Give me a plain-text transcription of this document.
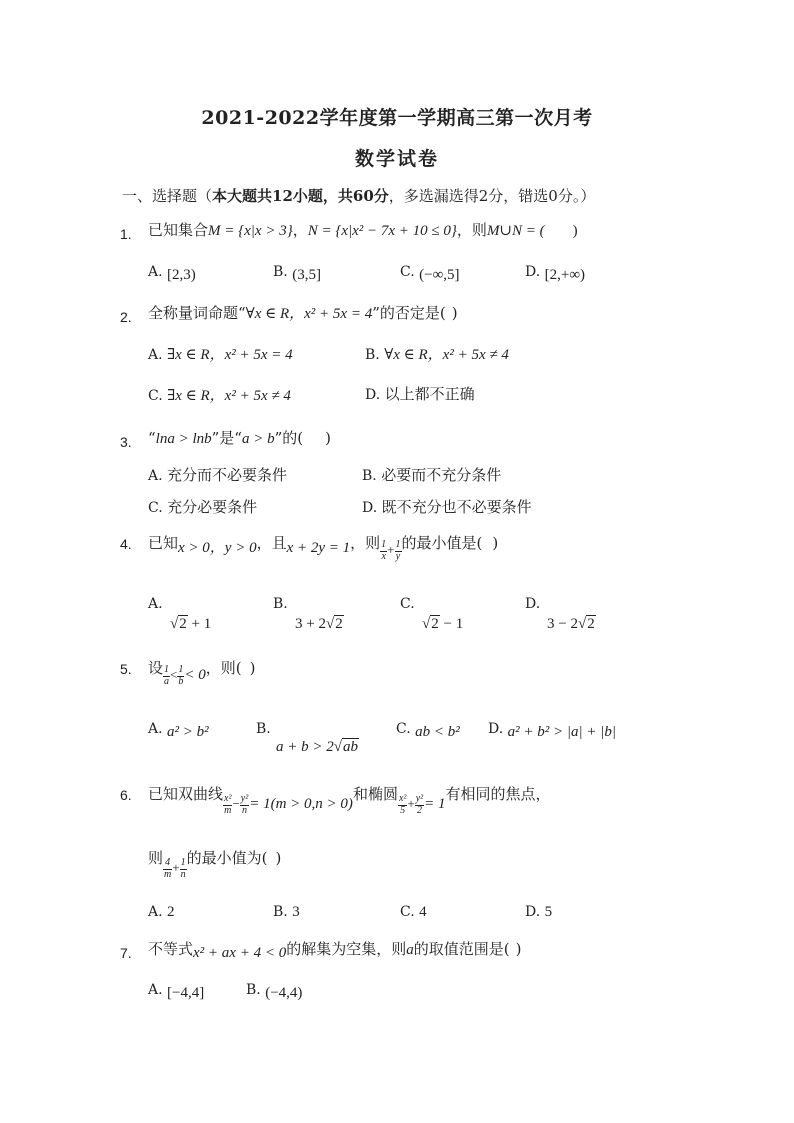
2021-2022学年度第一学期高三第一次月考
数学试卷
一、选择题（本大题共12小题，共60分，多选漏选得2分，错选0分。）
1. 已知集合M = {x|x > 3}，N = {x|x² − 7x + 10 ≤ 0}，则M∪N = ( )
A. [2,3)	B. (3,5]	C. (−∞,5]	D. [2,+∞)
2. 全称量词命题“∀x ∈ R，x² + 5x = 4”的否定是( )
A. ∃x ∈ R，x² + 5x = 4	B. ∀x ∈ R，x² + 5x ≠ 4
C. ∃x ∈ R，x² + 5x ≠ 4	D. 以上都不正确
3. “lna > lnb”是“a > b”的( )
A. 充分而不必要条件	B. 必要而不充分条件
C. 充分必要条件	D. 既不充分也不必要条件
4. 已知x > 0，y > 0，且x + 2y = 1，则 $\frac{1}{x} + \frac{1}{y}$ 的最小值是( )
A.
√2 + 1
B.
3 + 2√2
C.
√2 − 1
D.
3 − 2√2
5. 设 $\frac{1}{a} < \frac{1}{b} < 0$，则( )
A. a² > b²	B.
a + b > 2√ab
C. ab < b² D. a² + b² > |a| + |b|
6. 已知双曲线 $\frac{\text{x²}}{m} - \frac{\text{y²}}{n} = 1(m > 0,n > 0)$和椭圆 $\frac{\text{x²}}{5} + \frac{\text{y²}}{2} = 1$有相同的焦点，
则 $\frac{4}{m} + \frac{1}{n}$ 的最小值为( )
A. 2	B. 3	C. 4	D. 5
7. 不等式x² + ax + 4 < 0的解集为空集，则a的取值范围是( )
A. [−4,4]	B. (−4,4)
